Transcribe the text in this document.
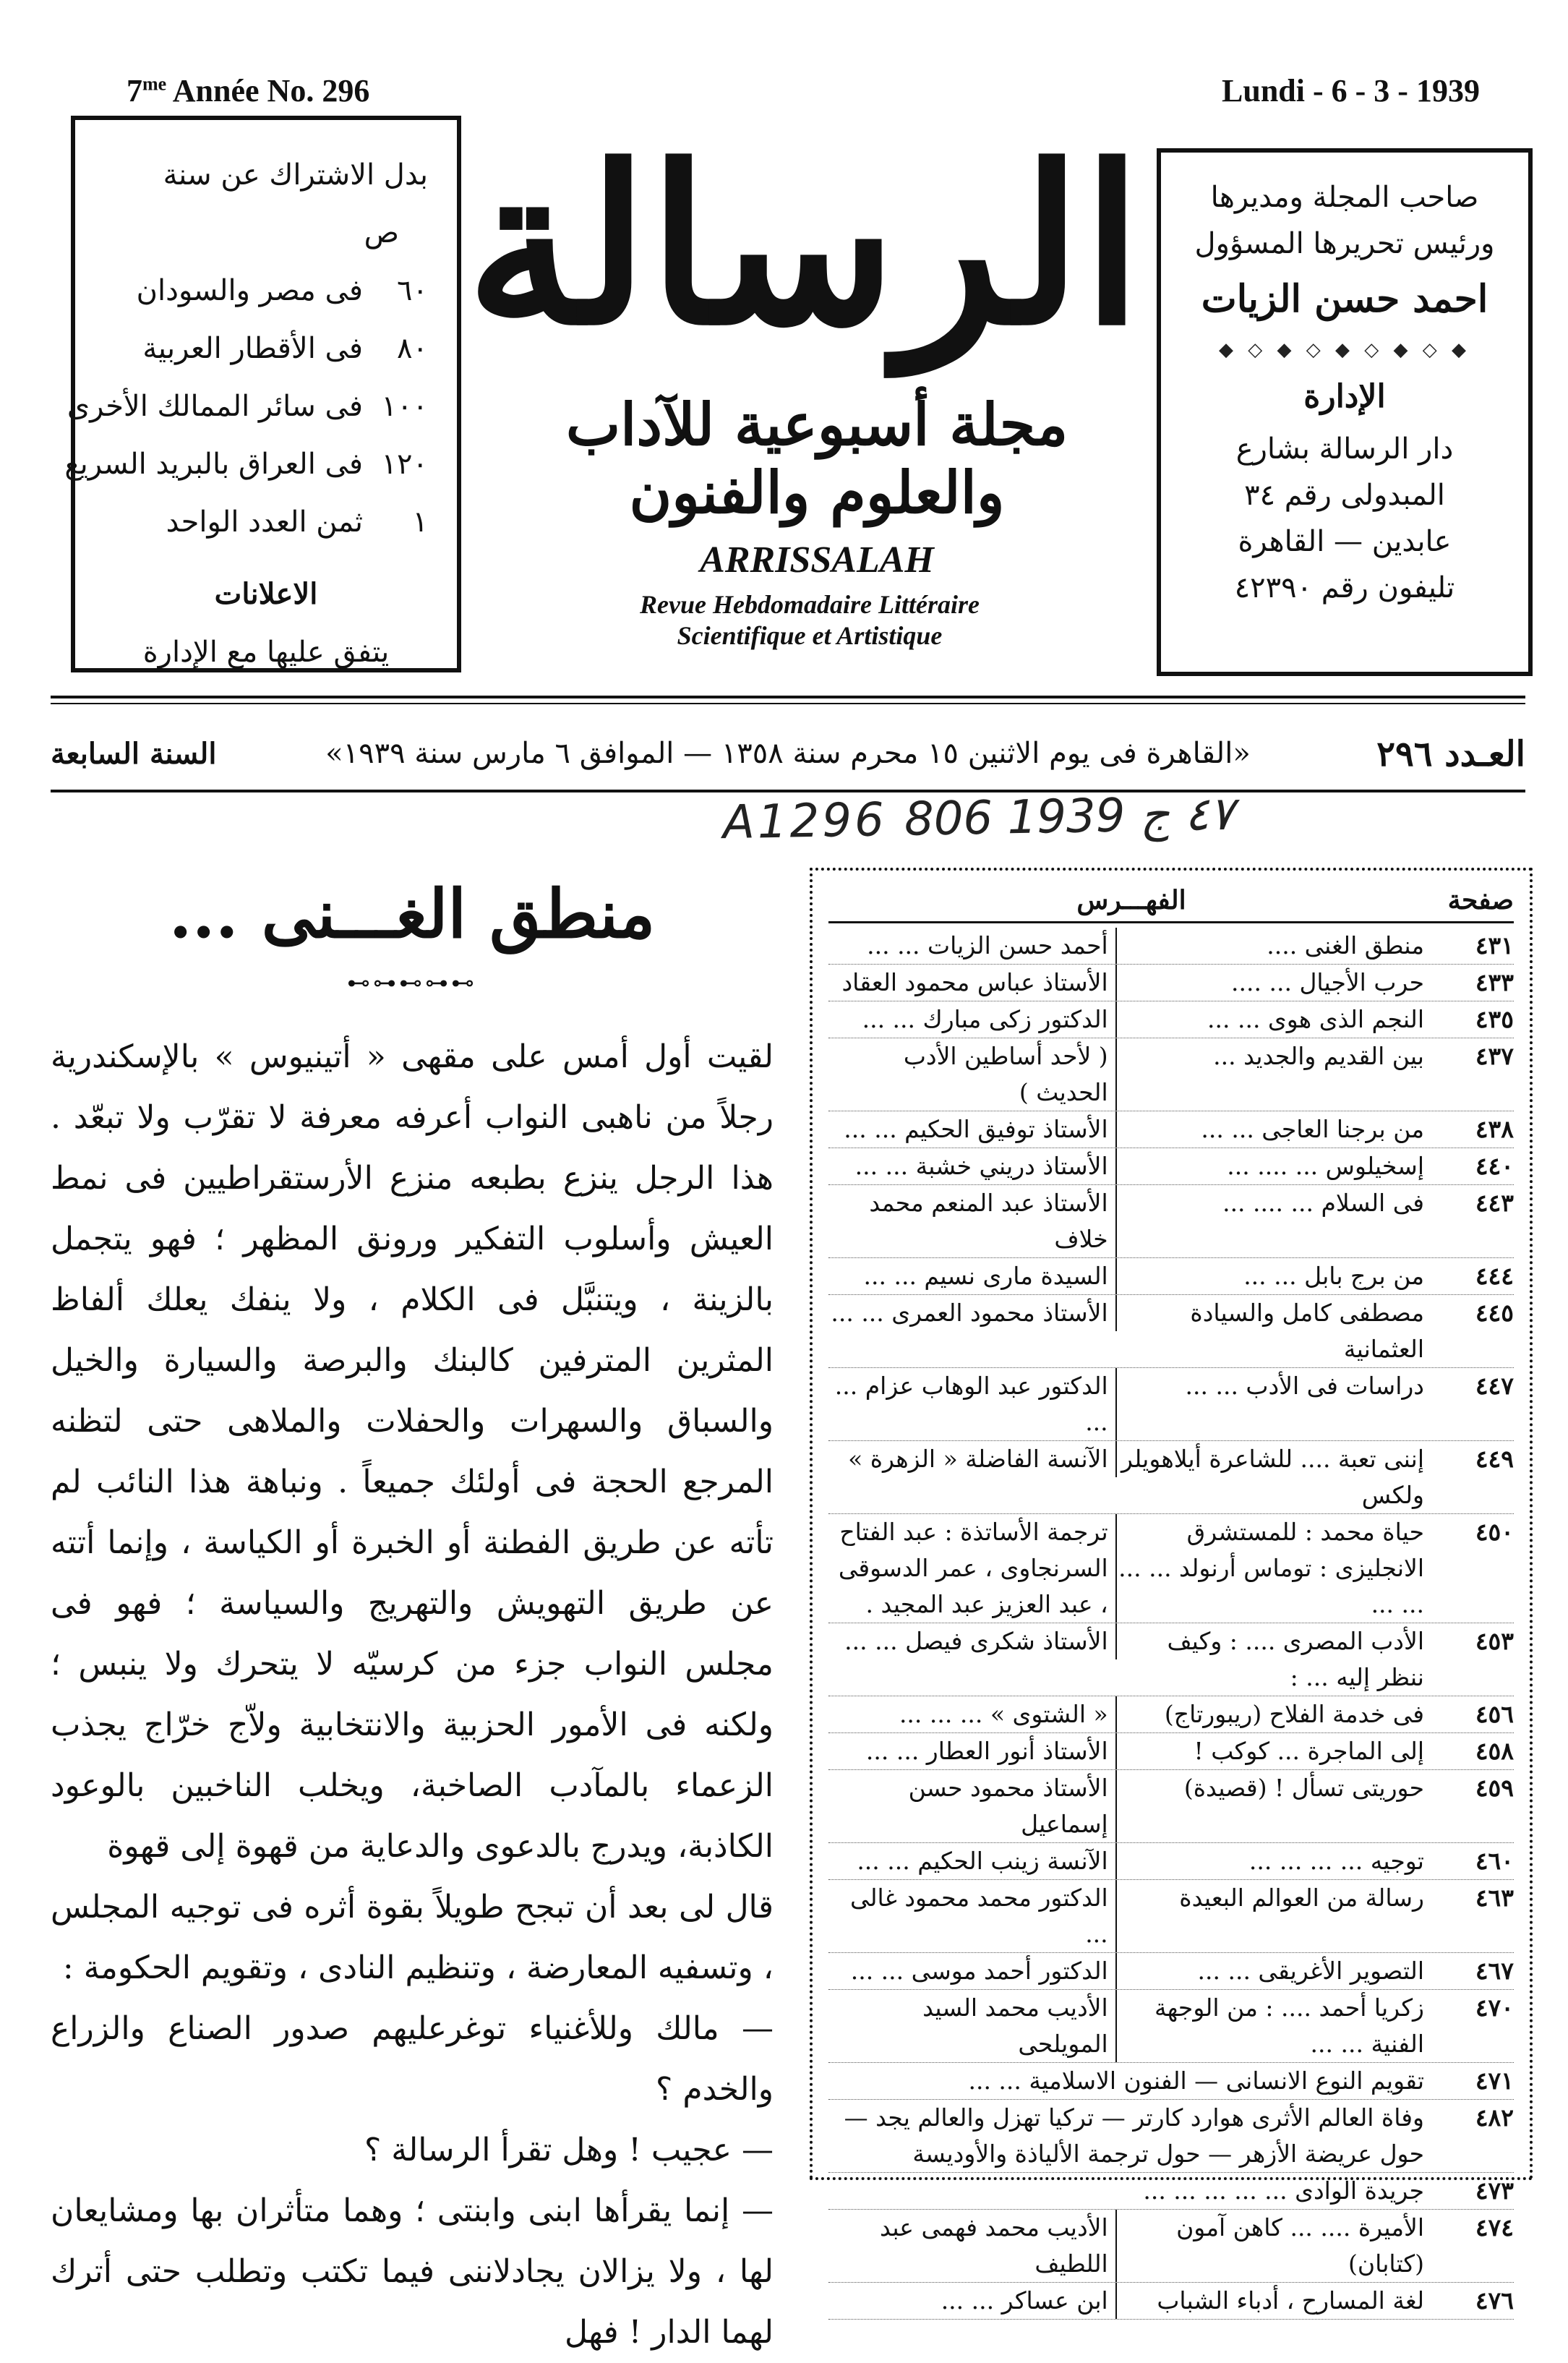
$7^{me}$ Année No. 296
بدل الاشتراك عن سنة
ص
٦٠فى مصر والسودان
٨٠فى الأقطار العربية
١٠٠فى سائر الممالك الأخرى
١٢٠فى العراق بالبريد السريع
١ثمن العدد الواحد
الاعلانات
يتفق عليها مع الإدارة
الرسالة
مجلة أسبوعية للآداب والعلوم والفنون
ARRISSALAH
Revue Hebdomadaire Littéraire
Scientifique et Artistique
Lundi - 6 - 3 - 1939
صاحب المجلة ومديرها
ورئيس تحريرها المسؤول
احمد حسن الزيات
◆ ◇ ◆ ◇ ◆ ◇ ◆ ◇ ◆
الإدارة
دار الرسالة بشارع المبدولى رقم ٣٤
عابدين — القاهرة
تليفون رقم ٤٢٣٩٠
العـدد ٢٩٦
«القاهرة فى يوم الاثنين ١٥ محرم سنة ١٣٥٨ — الموافق ٦ مارس سنة ١٩٣٩»
السنة السابعة
A1296 ٤٧ ج 1939 806
منطق الغـــنى ...
⊶⊷⊶⊷⊶

لقيت أول أمس على مقهى « أتينيوس » بالإسكندرية رجلاً من ناهبى النواب أعرفه معرفة لا تقرّب ولا تبعّد . هذا الرجل ينزع بطبعه منزع الأرستقراطيين فى نمط العيش وأسلوب التفكير ورونق المظهر ؛ فهو يتجمل بالزينة ، ويتنبَّل فى الكلام ، ولا ينفك يعلك ألفاظ المثرين المترفين كالبنك والبرصة والسيارة والخيل والسباق والسهرات والحفلات والملاهى حتى لتظنه المرجع الحجة فى أولئك جميعاً . ونباهة هذا النائب لم تأته عن طريق الفطنة أو الخبرة أو الكياسة ، وإنما أتته عن طريق التهويش والتهريج والسياسة ؛ فهو فى مجلس النواب جزء من كرسيّه لا يتحرك ولا ينبس ؛ ولكنه فى الأمور الحزبية والانتخابية ولاّج خرّاج يجذب الزعماء بالمآدب الصاخبة، ويخلب الناخبين بالوعود الكاذبة، ويدرج بالدعوى والدعاية من قهوة إلى قهوة

قال لى بعد أن تبجح طويلاً بقوة أثره فى توجيه المجلس ، وتسفيه المعارضة ، وتنظيم النادى ، وتقويم الحكومة :

— مالك وللأغنياء توغرعليهم صدور الصناع والزراع والخدم ؟

— عجيب ! وهل تقرأ الرسالة ؟

— إنما يقرأها ابنى وابنتى ؛ وهما متأثران بها ومشايعان لها ، ولا يزالان يجادلاننى فيما تكتب وتطلب حتى أترك لهما الدار ! فهل

صفحة
الفهـــرس
٤٣١
منطق الغنى ....
أحمد حسن الزيات ... ...
٤٣٣
حرب الأجيال ... ....
الأستاذ عباس محمود العقاد
٤٣٥
النجم الذى هوى ... ...
الدكتور زكى مبارك ... ...
٤٣٧
بين القديم والجديد ...
( لأحد أساطين الأدب الحديث )
٤٣٨
من برجنا العاجى ... ...
الأستاذ توفيق الحكيم ... ...
٤٤٠
إسخيلوس ... .... ...
الأستاذ دريني خشبة ... ...
٤٤٣
فى السلام ... .... ...
الأستاذ عبد المنعم محمد خلاف
٤٤٤
من برج بابل ... ...
السيدة مارى نسيم ... ...
٤٤٥
مصطفى كامل والسيادة العثمانية
الأستاذ محمود العمرى ... ...
٤٤٧
دراسات فى الأدب ... ...
الدكتور عبد الوهاب عزام ... ...
٤٤٩
إننى تعبة .... للشاعرة أيلاهويلر ولكس
الآنسة الفاضلة « الزهرة »
٤٥٠
حياة محمد : للمستشرق الانجليزى : توماس أرنولد ... ... ... ...
ترجمة الأساتذة : عبد الفتاح السرنجاوى ، عمر الدسوقى ، عبد العزيز عبد المجيد .
٤٥٣
الأدب المصرى .... : وكيف ننظر إليه ... :
الأستاذ شكرى فيصل ... ...
٤٥٦
فى خدمة الفلاح (ريبورتاج)
« الشتوى » ... ... ...
٤٥٨
إلى الماجرة ... كوكب !
الأستاذ أنور العطار ... ...
٤٥٩
حوريتى تسأل ! (قصيدة)
الأستاذ محمود حسن إسماعيل
٤٦٠
توجيه ... ... ... ...
الآنسة زينب الحكيم ... ...
٤٦٣
رسالة من العوالم البعيدة
الدكتور محمد محمود غالى ...
٤٦٧
التصوير الأغريقى ... ...
الدكتور أحمد موسى ... ...
٤٧٠
زكريا أحمد .... : من الوجهة الفنية ... ...
الأديب محمد السيد المويلحى
٤٧١
تقويم النوع الانسانى — الفنون الاسلامية ... ...
٤٨٢
وفاة العالم الأثرى هوارد كارتر — تركيا تهزل والعالم يجد — حول عريضة الأزهر — حول ترجمة الألياذة والأوديسة
٤٧٣
جريدة الوادى ... ... ... ... ...
٤٧٤
الأميرة .... ... كاهن آمون (كتابان)
الأديب محمد فهمى عبد اللطيف
٤٧٦
لغة المسارح ، أدباء الشباب
ابن عساكر ... ...
